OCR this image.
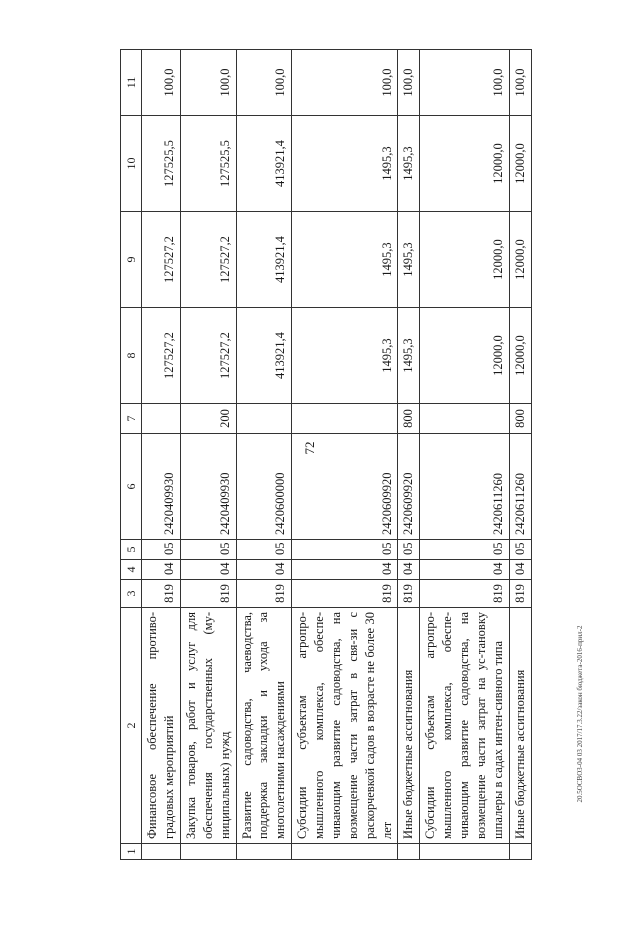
72
20.5ОСВОЗ-04 03 2017/17.3.22/закон бюджета-2016-прил-2
1	2	3	4	5	6	7	8	9	10	11
	Финансовое обеспечение противо-градовых мероприятий	819	04	05	2420409930		127527,2	127527,2	127525,5	100,0
	Закупка товаров, работ и услуг для обеспечения государственных (му-ниципальных) нужд	819	04	05	2420409930	200	127527,2	127527,2	127525,5	100,0
	Развитие садоводства, чаеводства, поддержка закладки и ухода за многолетними насаждениями	819	04	05	2420600000		413921,4	413921,4	413921,4	100,0
	Субсидии субъектам агропро-мышленного комплекса, обеспе-чивающим развитие садоводства, на возмещение части затрат в свя-зи с раскорчевкой садов в возрасте не более 30 лет	819	04	05	2420609920		1495,3	1495,3	1495,3	100,0
	Иные бюджетные ассигнования	819	04	05	2420609920	800	1495,3	1495,3	1495,3	100,0
	Субсидии субъектам агропро-мышленного комплекса, обеспе-чивающим развитие садоводства, на возмещение части затрат на ус-тановку шпалеры в садах интен-сивного типа	819	04	05	2420611260		12000,0	12000,0	12000,0	100,0
	Иные бюджетные ассигнования	819	04	05	2420611260	800	12000,0	12000,0	12000,0	100,0
